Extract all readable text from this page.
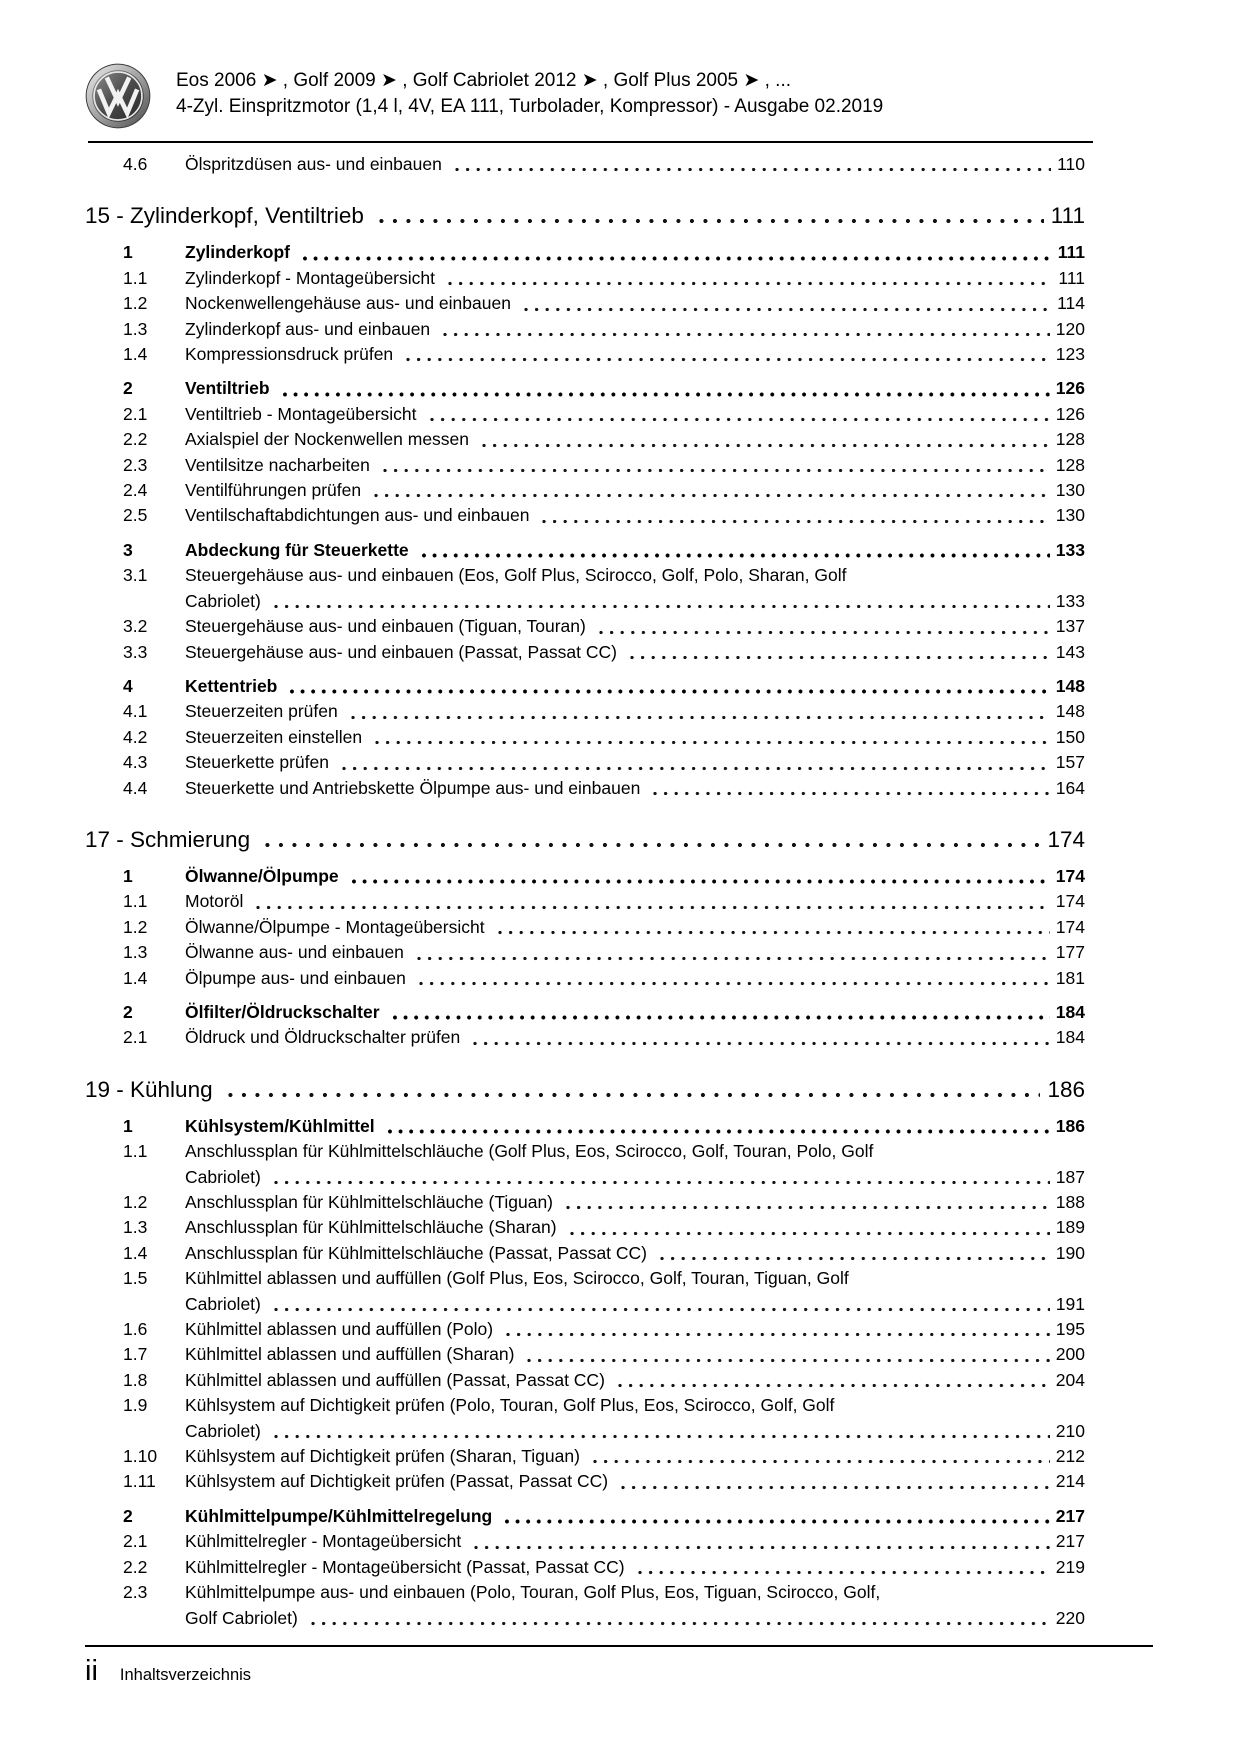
Eos 2006 ➤ , Golf 2009 ➤ , Golf Cabriolet 2012 ➤ , Golf Plus 2005 ➤ , ...
4-Zyl. Einspritzmotor (1,4 l, 4V, EA 111, Turbolader, Kompressor) - Ausgabe 02.2019
4.6	Ölspritzdüsen aus- und einbauen	110
15 - Zylinderkopf, Ventiltrieb	111
1	Zylinderkopf	111
1.1	Zylinderkopf - Montageübersicht	111
1.2	Nockenwellengehäuse aus- und einbauen	114
1.3	Zylinderkopf aus- und einbauen	120
1.4	Kompressionsdruck prüfen	123
2	Ventiltrieb	126
2.1	Ventiltrieb - Montageübersicht	126
2.2	Axialspiel der Nockenwellen messen	128
2.3	Ventilsitze nacharbeiten	128
2.4	Ventilführungen prüfen	130
2.5	Ventilschaftabdichtungen aus- und einbauen	130
3	Abdeckung für Steuerkette	133
3.1	Steuergehäuse aus- und einbauen (Eos, Golf Plus, Scirocco, Golf, Polo, Sharan, Golf
Cabriolet)	133
3.2	Steuergehäuse aus- und einbauen (Tiguan, Touran)	137
3.3	Steuergehäuse aus- und einbauen (Passat, Passat CC)	143
4	Kettentrieb	148
4.1	Steuerzeiten prüfen	148
4.2	Steuerzeiten einstellen	150
4.3	Steuerkette prüfen	157
4.4	Steuerkette und Antriebskette Ölpumpe aus- und einbauen	164
17 - Schmierung	174
1	Ölwanne/Ölpumpe	174
1.1	Motoröl	174
1.2	Ölwanne/Ölpumpe - Montageübersicht	174
1.3	Ölwanne aus- und einbauen	177
1.4	Ölpumpe aus- und einbauen	181
2	Ölfilter/Öldruckschalter	184
2.1	Öldruck und Öldruckschalter prüfen	184
19 - Kühlung	186
1	Kühlsystem/Kühlmittel	186
1.1	Anschlussplan für Kühlmittelschläuche (Golf Plus, Eos, Scirocco, Golf, Touran, Polo, Golf
Cabriolet)	187
1.2	Anschlussplan für Kühlmittelschläuche (Tiguan)	188
1.3	Anschlussplan für Kühlmittelschläuche (Sharan)	189
1.4	Anschlussplan für Kühlmittelschläuche (Passat, Passat CC)	190
1.5	Kühlmittel ablassen und auffüllen (Golf Plus, Eos, Scirocco, Golf, Touran, Tiguan, Golf
Cabriolet)	191
1.6	Kühlmittel ablassen und auffüllen (Polo)	195
1.7	Kühlmittel ablassen und auffüllen (Sharan)	200
1.8	Kühlmittel ablassen und auffüllen (Passat, Passat CC)	204
1.9	Kühlsystem auf Dichtigkeit prüfen (Polo, Touran, Golf Plus, Eos, Scirocco, Golf, Golf
Cabriolet)	210
1.10	Kühlsystem auf Dichtigkeit prüfen (Sharan, Tiguan)	212
1.11	Kühlsystem auf Dichtigkeit prüfen (Passat, Passat CC)	214
2	Kühlmittelpumpe/Kühlmittelregelung	217
2.1	Kühlmittelregler - Montageübersicht	217
2.2	Kühlmittelregler - Montageübersicht (Passat, Passat CC)	219
2.3	Kühlmittelpumpe aus- und einbauen (Polo, Touran, Golf Plus, Eos, Tiguan, Scirocco, Golf,
Golf Cabriolet)	220
ii Inhaltsverzeichnis
